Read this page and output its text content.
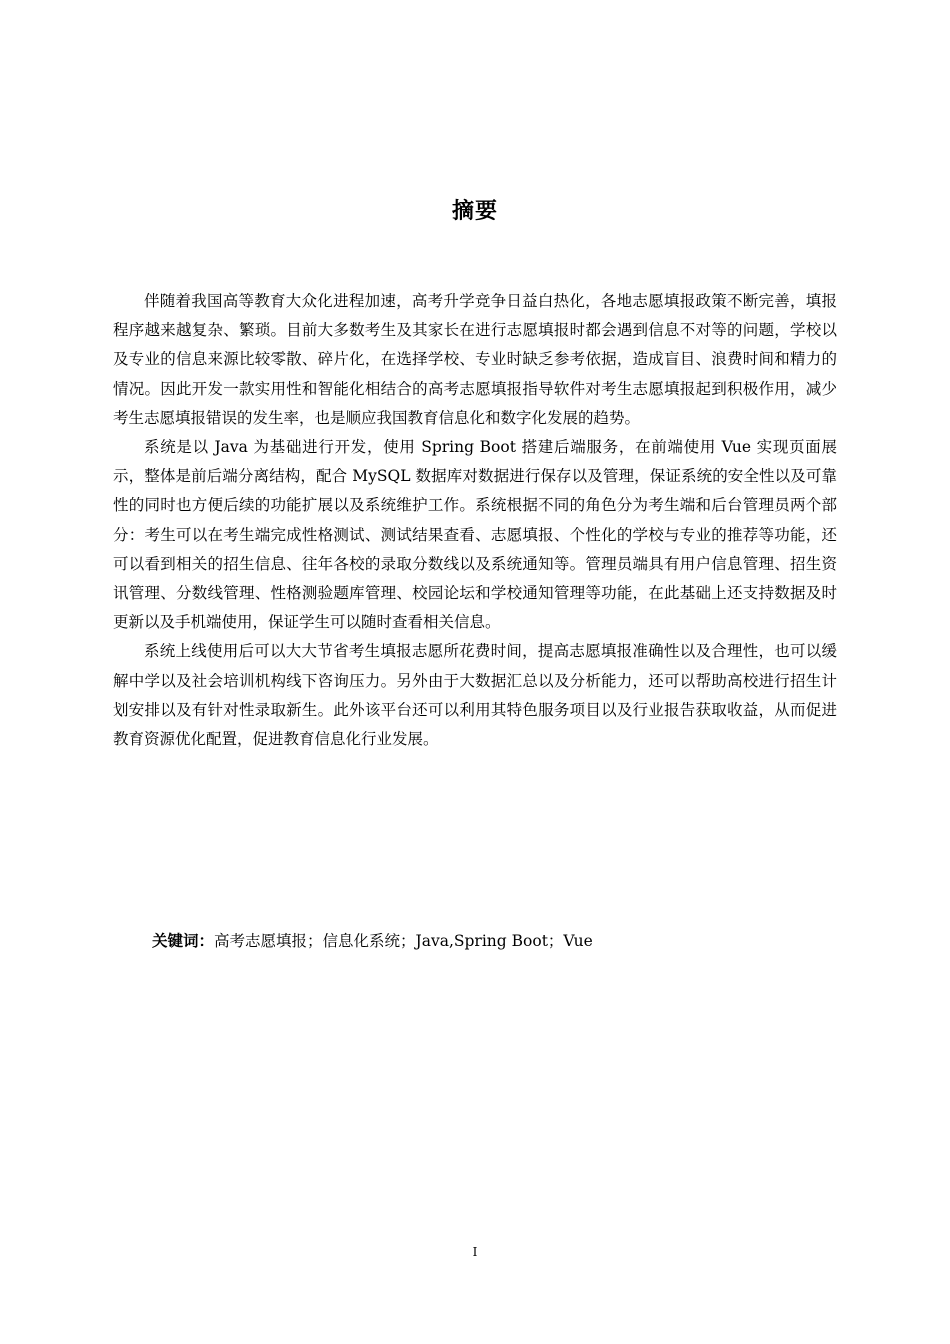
摘要

伴随着我国高等教育大众化进程加速，高考升学竞争日益白热化，各地志愿填报政策不断完善，填报程序越来越复杂、繁琐。目前大多数考生及其家长在进行志愿填报时都会遇到信息不对等的问题，学校以及专业的信息来源比较零散、碎片化，在选择学校、专业时缺乏参考依据，造成盲目、浪费时间和精力的情况。因此开发一款实用性和智能化相结合的高考志愿填报指导软件对考生志愿填报起到积极作用，减少考生志愿填报错误的发生率，也是顺应我国教育信息化和数字化发展的趋势。

系统是以 Java 为基础进行开发，使用 Spring Boot 搭建后端服务，在前端使用 Vue 实现页面展示，整体是前后端分离结构，配合 MySQL 数据库对数据进行保存以及管理，保证系统的安全性以及可靠性的同时也方便后续的功能扩展以及系统维护工作。系统根据不同的角色分为考生端和后台管理员两个部分：考生可以在考生端完成性格测试、测试结果查看、志愿填报、个性化的学校与专业的推荐等功能，还可以看到相关的招生信息、往年各校的录取分数线以及系统通知等。管理员端具有用户信息管理、招生资讯管理、分数线管理、性格测验题库管理、校园论坛和学校通知管理等功能，在此基础上还支持数据及时更新以及手机端使用，保证学生可以随时查看相关信息。

系统上线使用后可以大大节省考生填报志愿所花费时间，提高志愿填报准确性以及合理性，也可以缓解中学以及社会培训机构线下咨询压力。另外由于大数据汇总以及分析能力，还可以帮助高校进行招生计划安排以及有针对性录取新生。此外该平台还可以利用其特色服务项目以及行业报告获取收益，从而促进教育资源优化配置，促进教育信息化行业发展。

关键词：高考志愿填报；信息化系统；Java,Spring Boot；Vue
I
